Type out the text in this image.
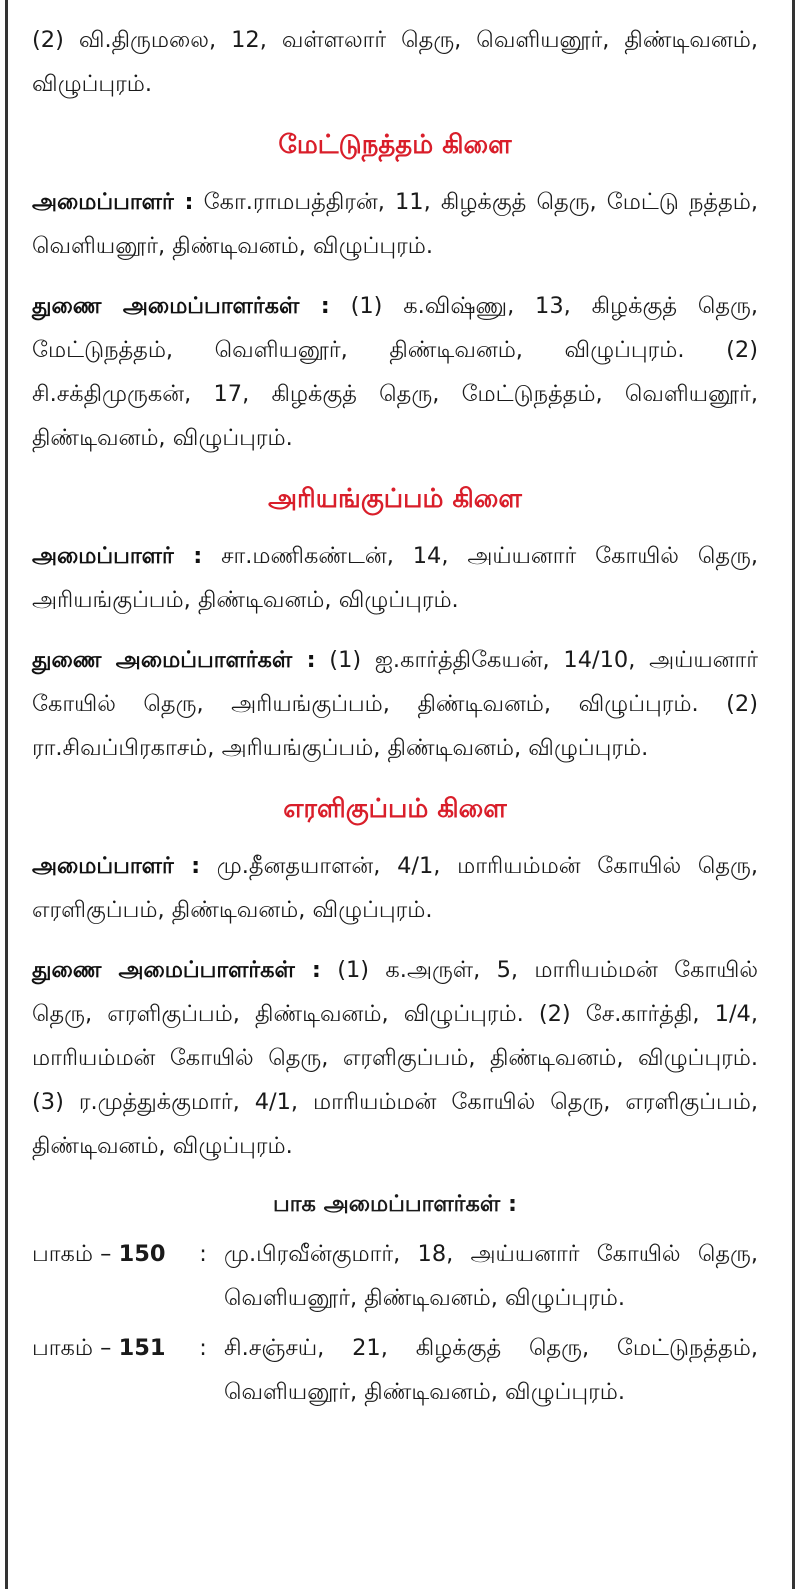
(2) வி.திருமலை, 12, வள்ளலார் தெரு, வெளியனூர், திண்டிவனம், விழுப்புரம்.

மேட்டுநத்தம் கிளை

அமைப்பாளர் : கோ.ராமபத்திரன், 11, கிழக்குத் தெரு, மேட்டு நத்தம், வெளியனூர், திண்டிவனம், விழுப்புரம்.

துணை அமைப்பாளர்கள் : (1) க.விஷ்ணு, 13, கிழக்குத் தெரு, மேட்டுநத்தம், வெளியனூர், திண்டிவனம், விழுப்புரம். (2) சி.சக்திமுருகன், 17, கிழக்குத் தெரு, மேட்டுநத்தம், வெளியனூர், திண்டிவனம், விழுப்புரம்.

அரியங்குப்பம் கிளை

அமைப்பாளர் : சா.மணிகண்டன், 14, அய்யனார் கோயில் தெரு, அரியங்குப்பம், திண்டிவனம், விழுப்புரம்.

துணை அமைப்பாளர்கள் : (1) ஐ.கார்த்திகேயன், 14/10, அய்யனார் கோயில் தெரு, அரியங்குப்பம், திண்டிவனம், விழுப்புரம். (2) ரா.சிவப்பிரகாசம், அரியங்குப்பம், திண்டிவனம், விழுப்புரம்.

எரளிகுப்பம் கிளை

அமைப்பாளர் : மு.தீனதயாளன், 4/1, மாரியம்மன் கோயில் தெரு, எரளிகுப்பம், திண்டிவனம், விழுப்புரம்.

துணை அமைப்பாளர்கள் : (1) க.அருள், 5, மாரியம்மன் கோயில் தெரு, எரளிகுப்பம், திண்டிவனம், விழுப்புரம். (2) சே.கார்த்தி, 1/4, மாரியம்மன் கோயில் தெரு, எரளிகுப்பம், திண்டிவனம், விழுப்புரம். (3) ர.முத்துக்குமார், 4/1, மாரியம்மன் கோயில் தெரு, எரளிகுப்பம், திண்டிவனம், விழுப்புரம்.

பாக அமைப்பாளர்கள் :
பாகம் – 150	: மு.பிரவீன்குமார், 18, அய்யனார் கோயில் தெரு, வெளியனூர், திண்டிவனம், விழுப்புரம்.
பாகம் – 151	: சி.சஞ்சய், 21, கிழக்குத் தெரு, மேட்டுநத்தம், வெளியனூர், திண்டிவனம், விழுப்புரம்.
